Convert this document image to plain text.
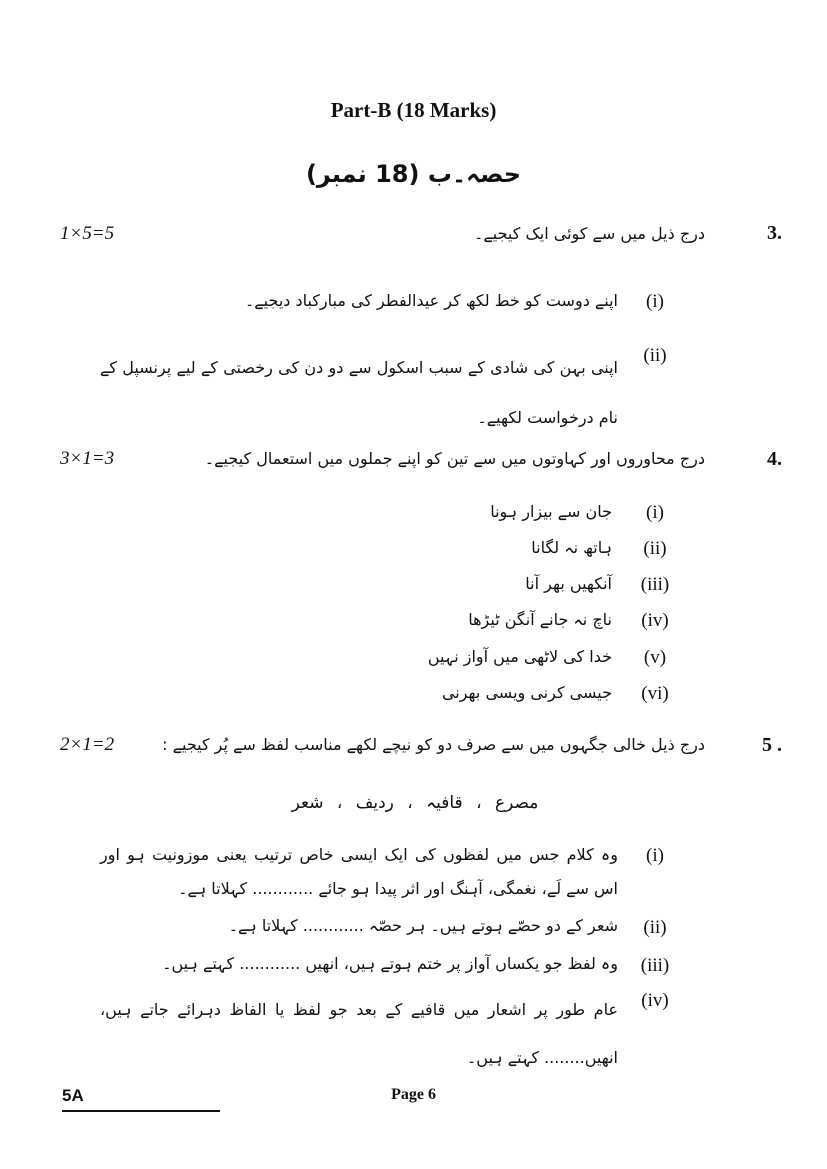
Part-B (18 Marks)
حصہ۔ب (18 نمبر)
1×5=5	3.
درج ذیل میں سے کوئی ایک کیجیے۔
(i)
اپنے دوست کو خط لکھ کر عیدالفطر کی مبارکباد دیجیے۔
(ii)
اپنی بہن کی شادی کے سبب اسکول سے دو دن کی رخصتی کے لیے پرنسپل کے نام درخواست لکھیے۔
3×1=3	4.
درج محاوروں اور کہاوتوں میں سے تین کو اپنے جملوں میں استعمال کیجیے۔
(i)
جان سے بیزار ہونا
(ii)
ہاتھ نہ لگانا
(iii)
آنکھیں بھر آنا
(iv)
ناچ نہ جانے آنگن ٹیڑھا
(v)
خدا کی لاٹھی میں آواز نہیں
(vi)
جیسی کرنی ویسی بھرنی
2×1=2	5 .
درج ذیل خالی جگہوں میں سے صرف دو کو نیچے لکھے مناسب لفظ سے پُر کیجیے :
مصرع ، قافیہ ، ردیف ، شعر
(i)
وہ کلام جس میں لفظوں کی ایک ایسی خاص ترتیب یعنی موزونیت ہو اور اس سے لَے، نغمگی، آہنگ اور اثر پیدا ہو جائے ............ کہلاتا ہے۔
(ii)
شعر کے دو حصّے ہوتے ہیں۔ ہر حصّہ ............ کہلاتا ہے۔
(iii)
وہ لفظ جو یکساں آواز پر ختم ہوتے ہیں، انھیں ............ کہتے ہیں۔
(iv)
عام طور پر اشعار میں قافیے کے بعد جو لفظ یا الفاظ دہرائے جاتے ہیں، انھیں........ کہتے ہیں۔
5A	Page 6
